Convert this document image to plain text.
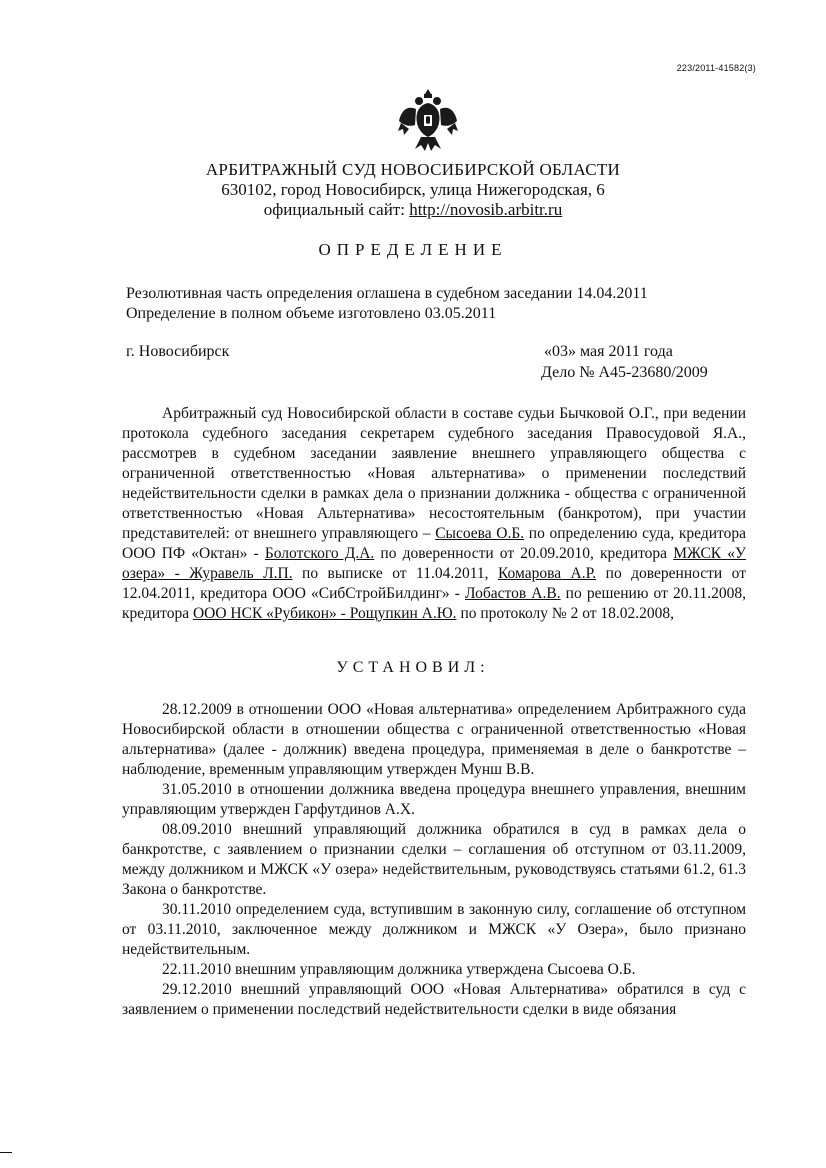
223/2011-41582(3)
АРБИТРАЖНЫЙ СУД НОВОСИБИРСКОЙ ОБЛАСТИ
630102, город Новосибирск, улица Нижегородская, 6
официальный сайт: http://novosib.arbitr.ru
ОПРЕДЕЛЕНИЕ
Резолютивная часть определения оглашена в судебном заседании 14.04.2011
Определение в полном объеме изготовлено 03.05.2011
г. Новосибирск	«03» мая 2011 года
Дело № А45-23680/2009

Арбитражный суд Новосибирской области в составе судьи Бычковой О.Г., при ведении протокола судебного заседания секретарем судебного заседания Правосудовой Я.А., рассмотрев в судебном заседании заявление внешнего управляющего общества с ограниченной ответственностью «Новая альтернатива» о применении последствий недействительности сделки в рамках дела о признании должника - общества с ограниченной ответственностью «Новая Альтернатива» несостоятельным (банкротом), при участии представителей: от внешнего управляющего – Сысоева О.Б. по определению суда, кредитора ООО ПФ «Октан» - Болотского Д.А. по доверенности от 20.09.2010, кредитора МЖСК «У озера» - Журавель Л.П. по выписке от 11.04.2011, Комарова А.Р. по доверенности от 12.04.2011, кредитора ООО «СибСтройБилдинг» - Лобастов А.В. по решению от 20.11.2008, кредитора ООО НСК «Рубикон» - Рощупкин А.Ю. по протоколу № 2 от 18.02.2008,

УСТАНОВИЛ:

28.12.2009 в отношении ООО «Новая альтернатива» определением Арбитражного суда Новосибирской области в отношении общества с ограниченной ответственностью «Новая альтернатива» (далее - должник) введена процедура, применяемая в деле о банкротстве – наблюдение, временным управляющим утвержден Мунш В.В.

31.05.2010 в отношении должника введена процедура внешнего управления, внешним управляющим утвержден Гарфутдинов А.Х.

08.09.2010 внешний управляющий должника обратился в суд в рамках дела о банкротстве, с заявлением о признании сделки – соглашения об отступном от 03.11.2009, между должником и МЖСК «У озера» недействительным, руководствуясь статьями 61.2, 61.3 Закона о банкротстве.

30.11.2010 определением суда, вступившим в законную силу, соглашение об отступном от 03.11.2010, заключенное между должником и МЖСК «У Озера», было признано недействительным.

22.11.2010 внешним управляющим должника утверждена Сысоева О.Б.

29.12.2010 внешний управляющий ООО «Новая Альтернатива» обратился в суд с заявлением о применении последствий недействительности сделки в виде обязания
